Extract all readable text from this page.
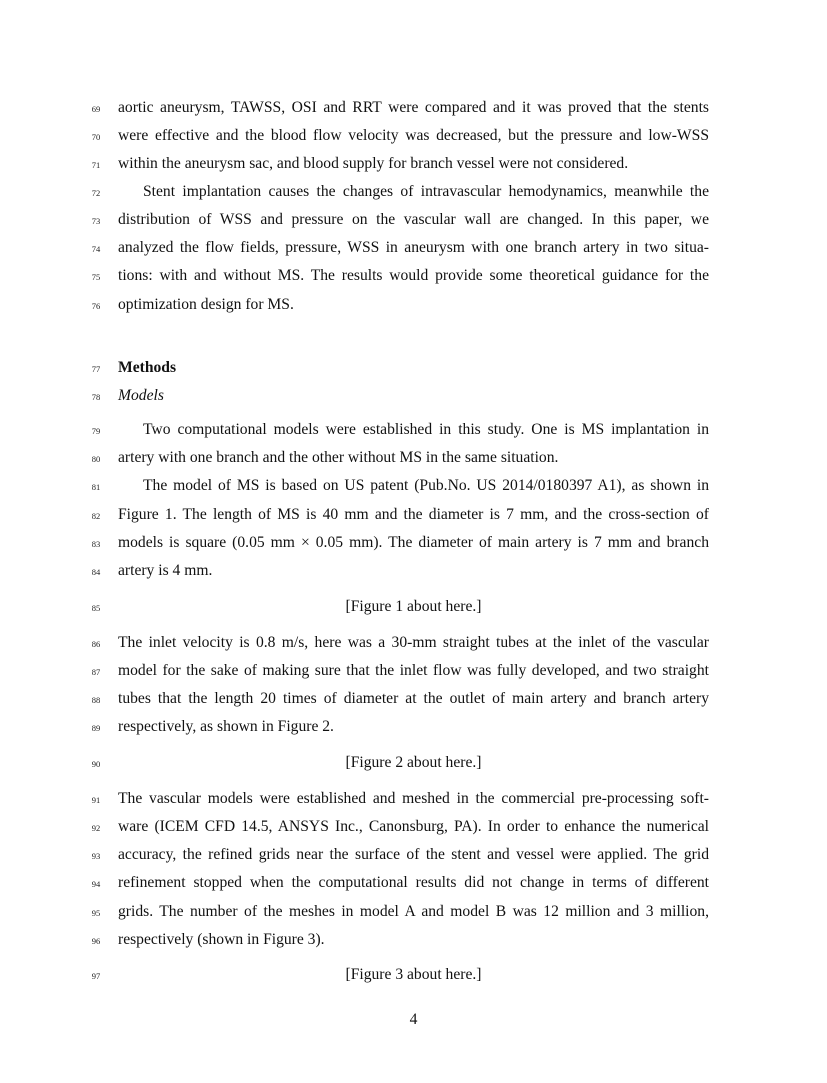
69	aortic aneurysm, TAWSS, OSI and RRT were compared and it was proved that the stents
70	were effective and the blood flow velocity was decreased, but the pressure and low-WSS
71	within the aneurysm sac, and blood supply for branch vessel were not considered.
72	Stent implantation causes the changes of intravascular hemodynamics, meanwhile the
73	distribution of WSS and pressure on the vascular wall are changed. In this paper, we
74	analyzed the flow fields, pressure, WSS in aneurysm with one branch artery in two situa-
75	tions: with and without MS. The results would provide some theoretical guidance for the
76	optimization design for MS.
77	Methods
78	Models
79	Two computational models were established in this study. One is MS implantation in
80	artery with one branch and the other without MS in the same situation.
81	The model of MS is based on US patent (Pub.No. US 2014/0180397 A1), as shown in
82	Figure 1. The length of MS is 40 mm and the diameter is 7 mm, and the cross-section of
83	models is square (0.05 mm × 0.05 mm). The diameter of main artery is 7 mm and branch
84	artery is 4 mm.
85	[Figure 1 about here.]
86	The inlet velocity is 0.8 m/s, here was a 30-mm straight tubes at the inlet of the vascular
87	model for the sake of making sure that the inlet flow was fully developed, and two straight
88	tubes that the length 20 times of diameter at the outlet of main artery and branch artery
89	respectively, as shown in Figure 2.
90	[Figure 2 about here.]
91	The vascular models were established and meshed in the commercial pre-processing soft-
92	ware (ICEM CFD 14.5, ANSYS Inc., Canonsburg, PA). In order to enhance the numerical
93	accuracy, the refined grids near the surface of the stent and vessel were applied. The grid
94	refinement stopped when the computational results did not change in terms of different
95	grids. The number of the meshes in model A and model B was 12 million and 3 million,
96	respectively (shown in Figure 3).
97	[Figure 3 about here.]
4
